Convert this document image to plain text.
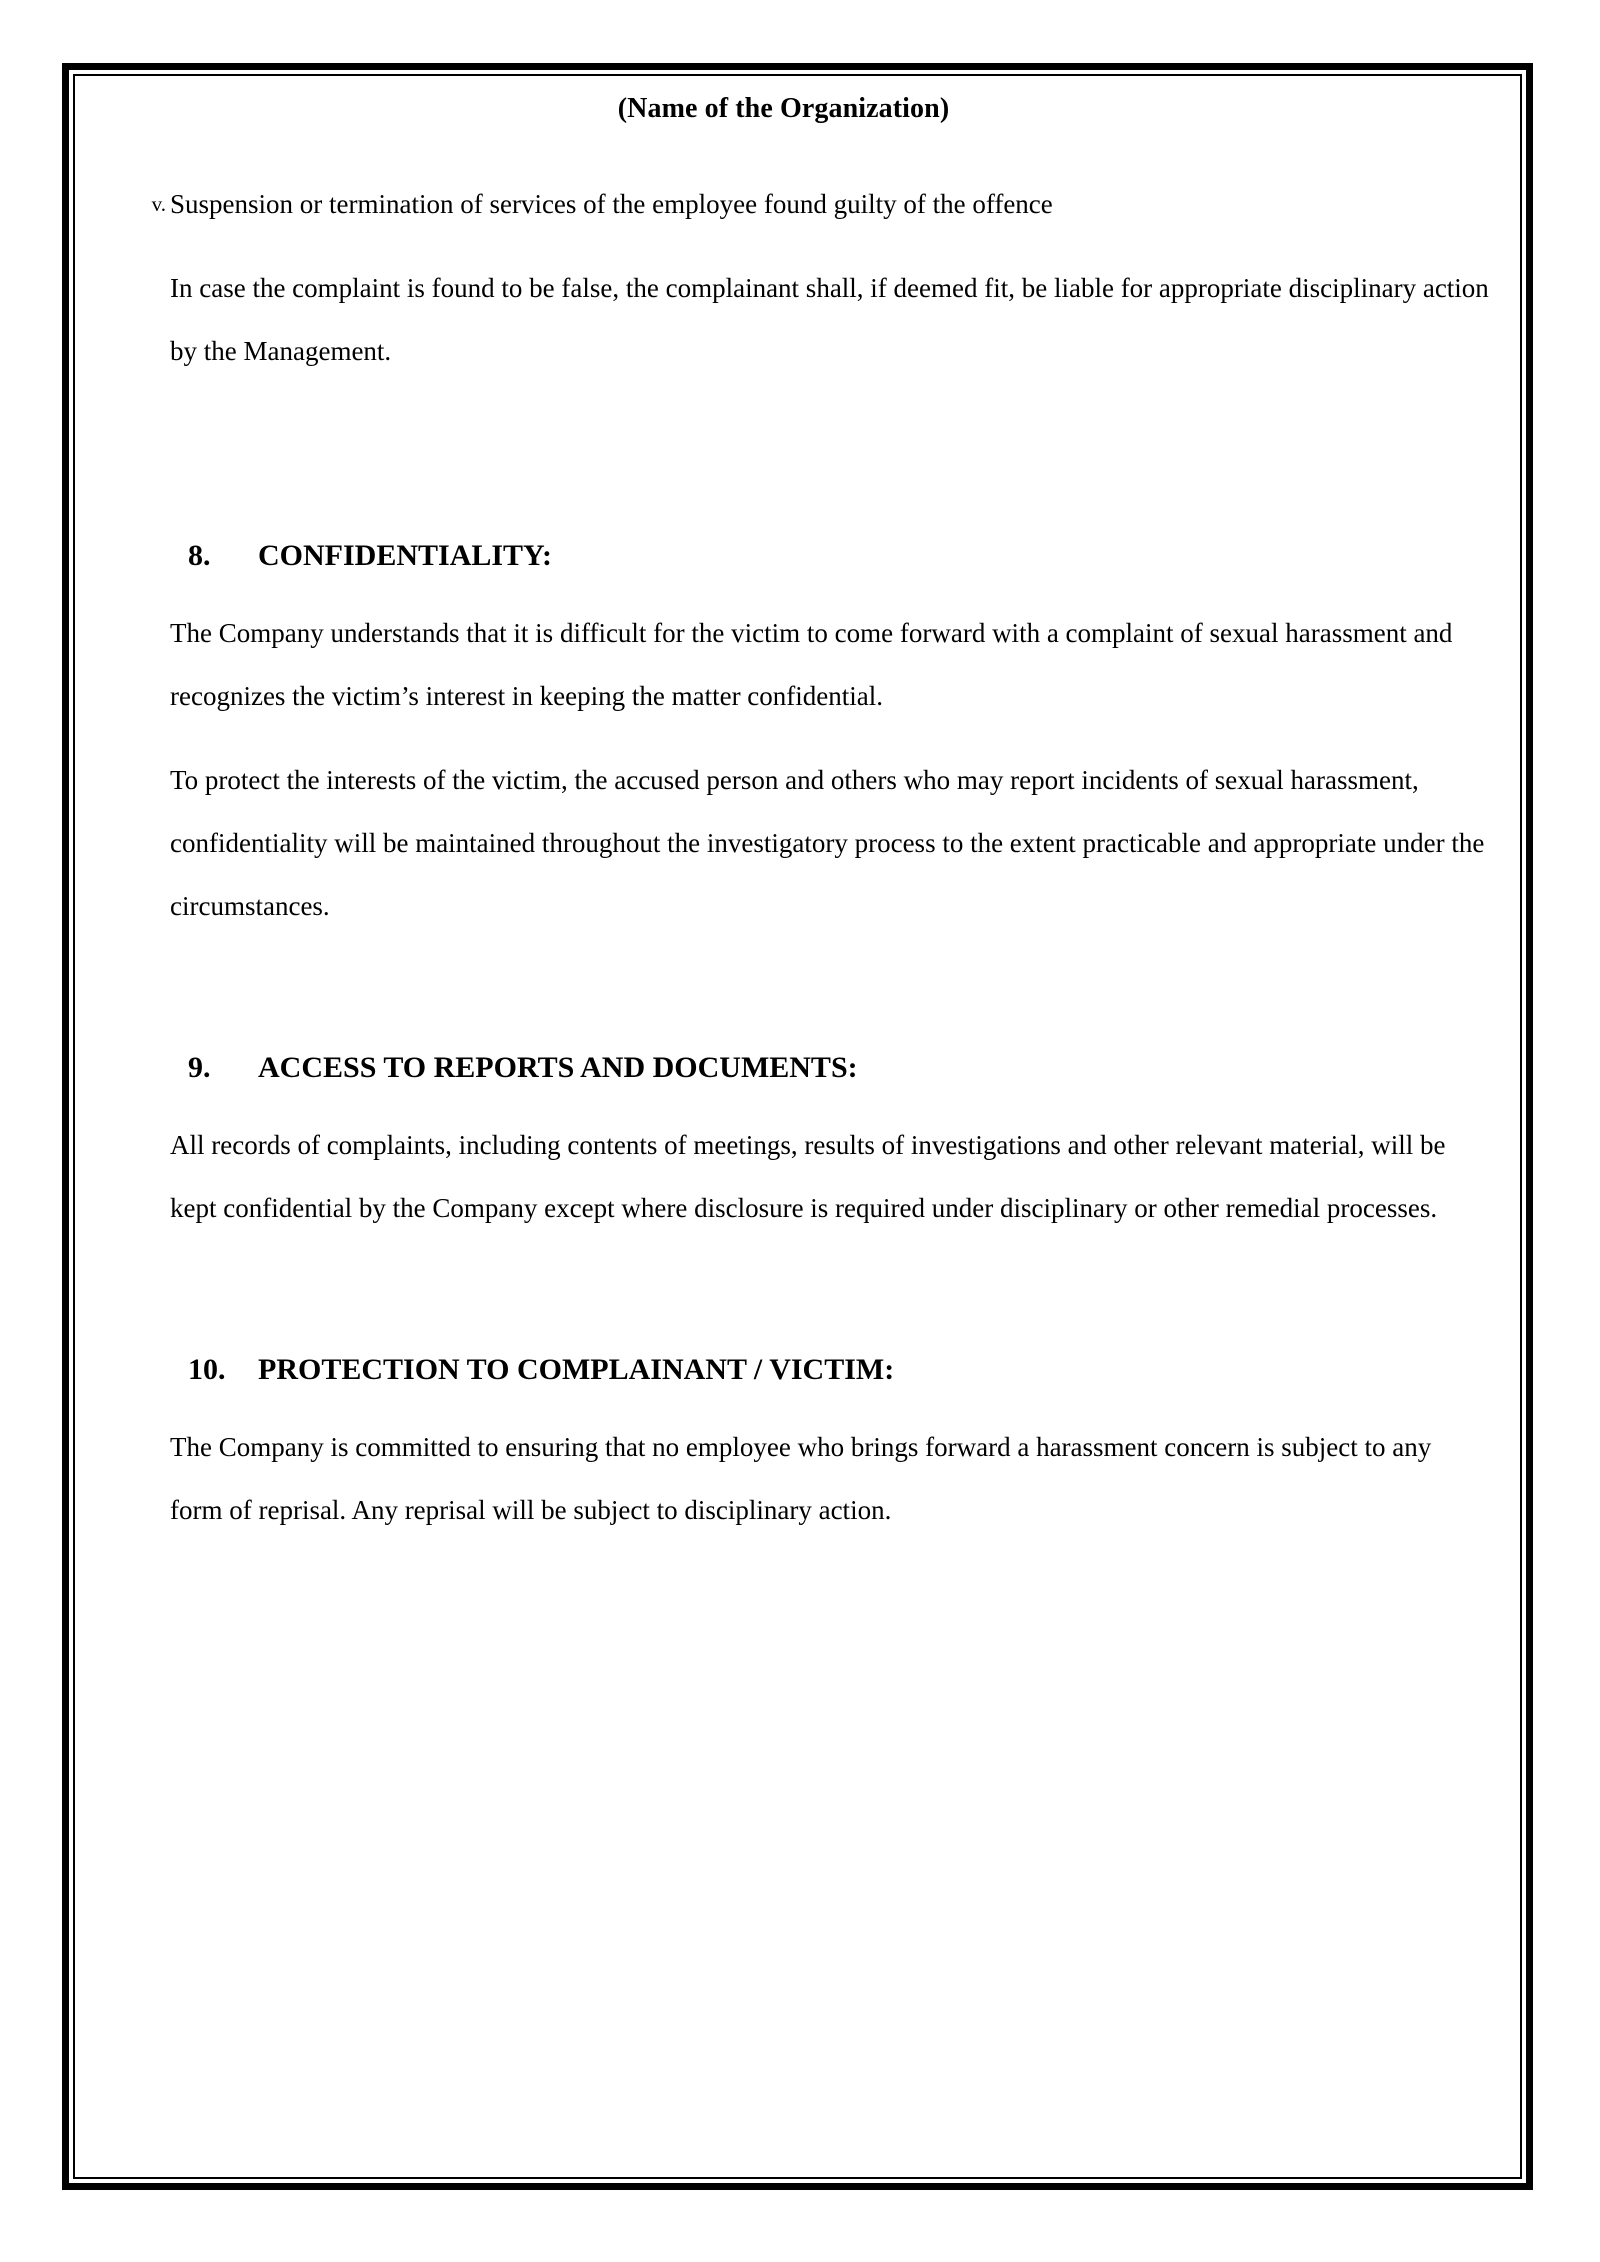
(Name of the Organization)
v. Suspension or termination of services of the employee found guilty of the offence

In case the complaint is found to be false, the complainant shall, if deemed fit, be liable for appropriate disciplinary action by the Management.

8.	CONFIDENTIALITY:

The Company understands that it is difficult for the victim to come forward with a complaint of sexual harassment and recognizes the victim’s interest in keeping the matter confidential.

To protect the interests of the victim, the accused person and others who may report incidents of sexual harassment, confidentiality will be maintained throughout the investigatory process to the extent practicable and appropriate under the circumstances.

9.	ACCESS TO REPORTS AND DOCUMENTS:

All records of complaints, including contents of meetings, results of investigations and other relevant material, will be kept confidential by the Company except where disclosure is required under disciplinary or other remedial processes.

10.	PROTECTION TO COMPLAINANT / VICTIM:

The Company is committed to ensuring that no employee who brings forward a harassment concern is subject to any form of reprisal. Any reprisal will be subject to disciplinary action.
